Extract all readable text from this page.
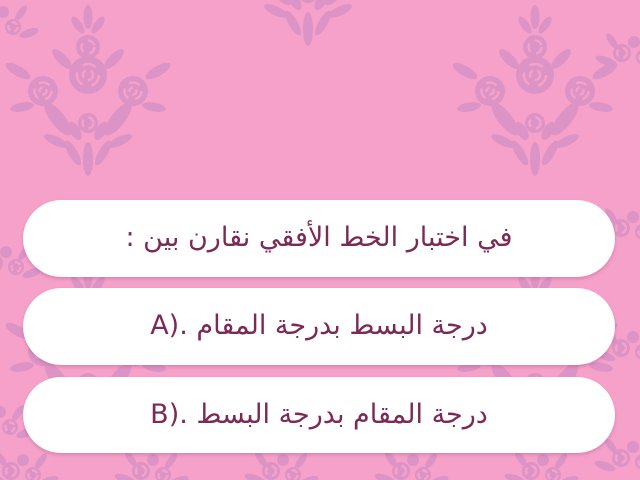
في اختبار الخط الأفقي نقارن بين :
A). درجة البسط بدرجة المقام
B). درجة المقام بدرجة البسط
